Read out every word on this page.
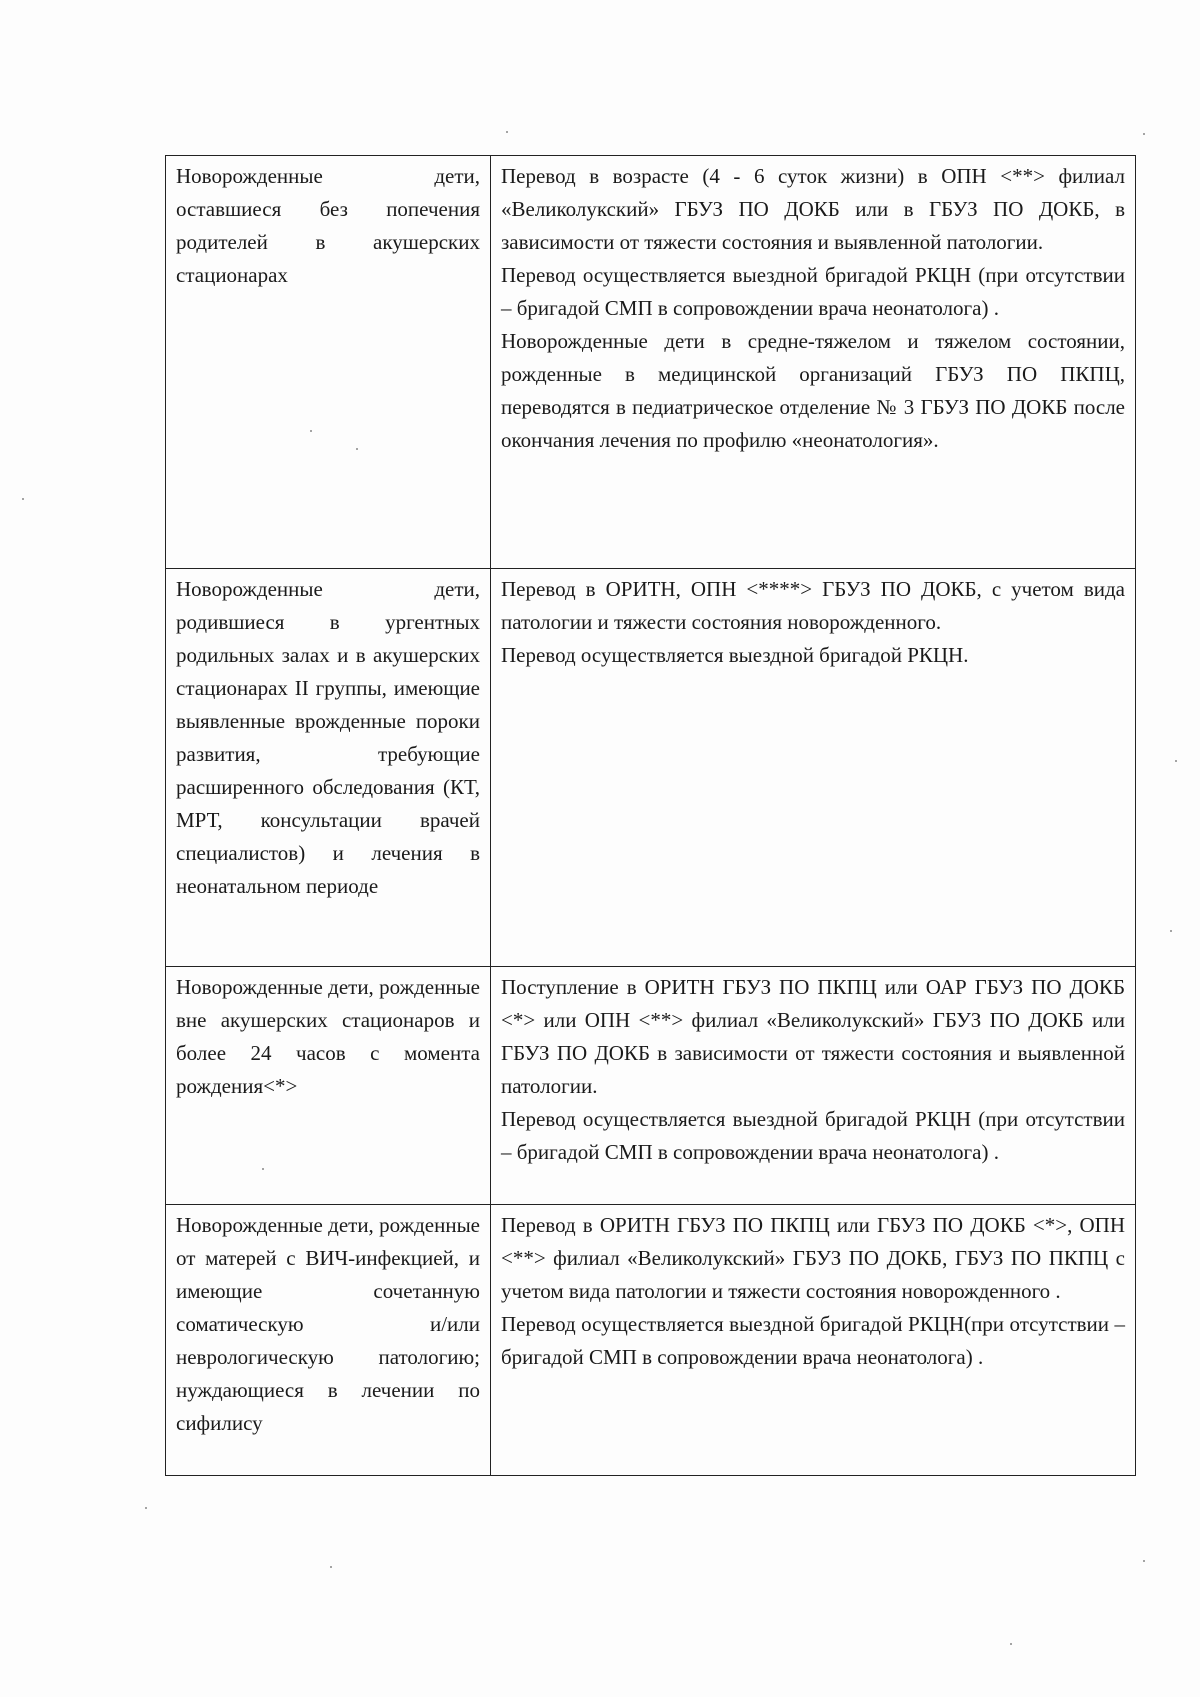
Новорожденные дети, оставшиеся без попечения родителей в акушерских стационарах	Перевод в возрасте (4 - 6 суток жизни) в ОПН <**> филиал «Великолукский» ГБУЗ ПО ДОКБ или в ГБУЗ ПО ДОКБ, в зависимости от тяжести состояния и выявленной патологии.

Перевод осуществляется выездной бригадой РКЦН (при отсутствии – бригадой СМП в сопровождении врача неонатолога) .

Новорожденные дети в средне-тяжелом и тяжелом состоянии, рожденные в медицинской организаций ГБУЗ ПО ПКПЦ, переводятся в педиатрическое отделение № 3 ГБУЗ ПО ДОКБ после окончания лечения по профилю «неонатология».

Новорожденные дети, родившиеся в ургентных родильных залах и в акушерских стационарах II группы, имеющие выявленные врожденные пороки развития, требующие расширенного обследования (КТ, МРТ, консультации врачей специалистов) и лечения в неонатальном периоде	Перевод в ОРИТН, ОПН <****> ГБУЗ ПО ДОКБ, с учетом вида патологии и тяжести состояния новорожденного.

Перевод осуществляется выездной бригадой РКЦН.

Новорожденные дети, рожденные вне акушерских стационаров и более 24 часов с момента рождения<*>	Поступление в ОРИТН ГБУЗ ПО ПКПЦ или ОАР ГБУЗ ПО ДОКБ <*> или ОПН <**> филиал «Великолукский» ГБУЗ ПО ДОКБ или ГБУЗ ПО ДОКБ в зависимости от тяжести состояния и выявленной патологии.

Перевод осуществляется выездной бригадой РКЦН (при отсутствии – бригадой СМП в сопровождении врача неонатолога) .

Новорожденные дети, рожденные от матерей с ВИЧ-инфекцией, и имеющие сочетанную соматическую и/или неврологическую патологию; нуждающиеся в лечении по сифилису	Перевод в ОРИТН ГБУЗ ПО ПКПЦ или ГБУЗ ПО ДОКБ <*>, ОПН <**> филиал «Великолукский» ГБУЗ ПО ДОКБ, ГБУЗ ПО ПКПЦ с учетом вида патологии и тяжести состояния новорожденного .

Перевод осуществляется выездной бригадой РКЦН(при отсутствии – бригадой СМП в сопровождении врача неонатолога) .
